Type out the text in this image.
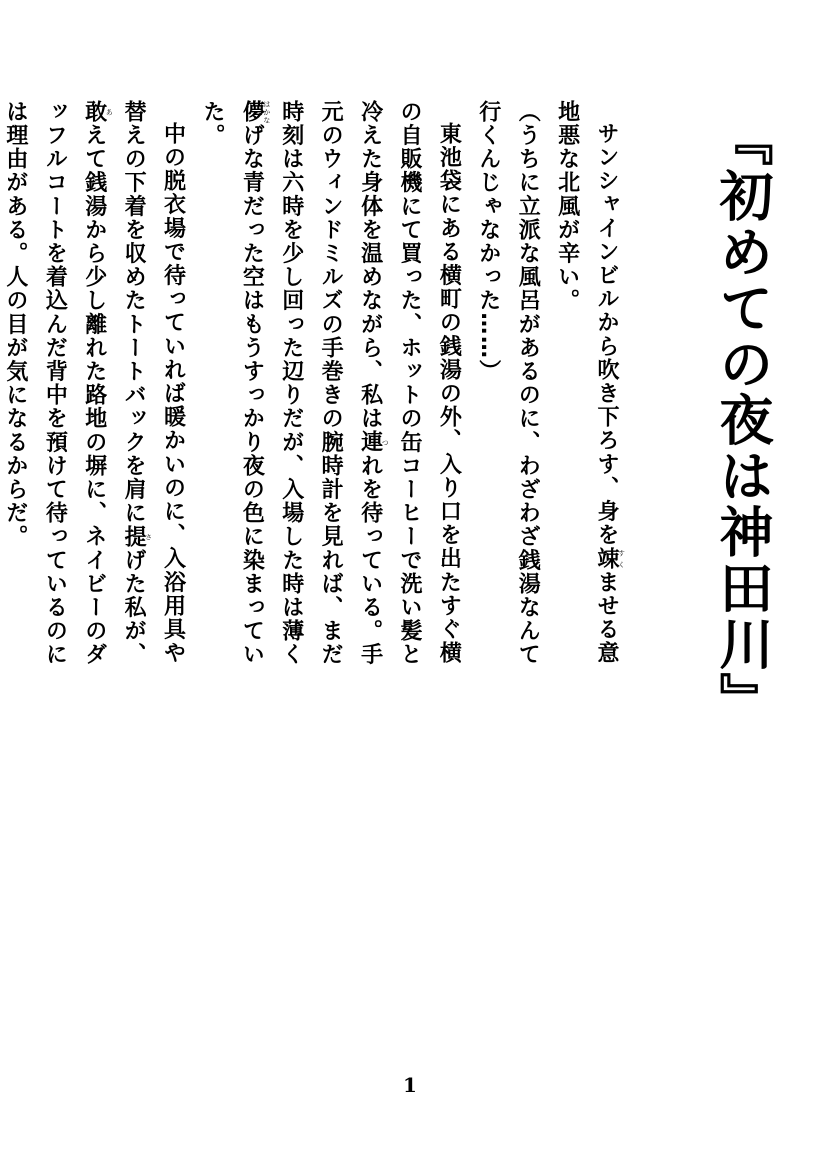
『初めての夜は神田川』

サンシャインビルから吹き下ろす、身を竦すくませる意

地悪な北風が辛い。

（うちに立派な風呂があるのに、わざわざ銭湯なんて

行くんじゃなかった……）

東池袋にある横町の銭湯の外、入り口を出たすぐ横

の自販機にて買った、ホットの缶コーヒーで洗い髪と

冷えた身体を温めながら、私は連つれを待っている。手

元のウィンドミルズの手巻きの腕時計を見れば、まだ

時刻は六時を少し回った辺りだが、入場した時は薄く

儚はかなげな青だった空はもうすっかり夜の色に染まってい

た。

中の脱衣場で待っていれば暖かいのに、入浴用具や

替えの下着を収めたトートバックを肩に提さげた私が、

敢あえて銭湯から少し離れた路地の塀に、ネイビーのダ

ッフルコートを着込んだ背中を預けて待っているのに

は理由がある。人の目が気になるからだ。

1
